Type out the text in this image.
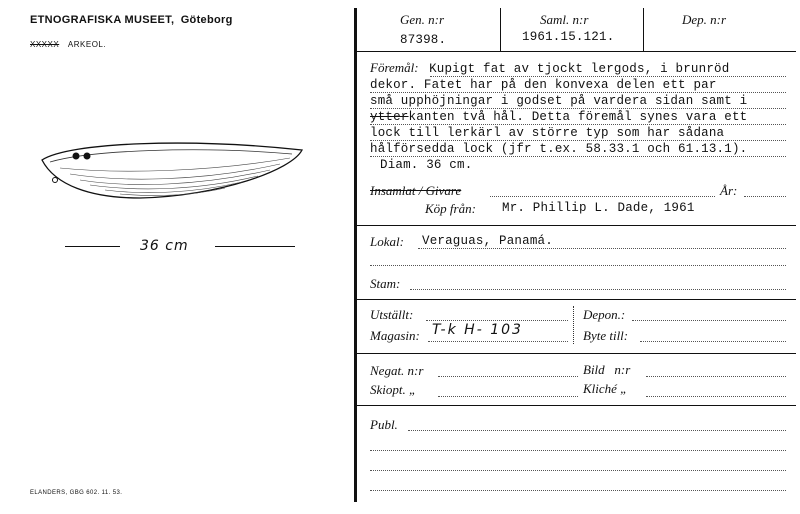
ETNOGRAFISKA MUSEET, Göteborg
XXXXX ARKEOL.
36 cm
ELANDERS, GBG 602. 11. 53.
Gen. n:r	Saml. n:r	Dep. n:r
87398.	1961.15.121.
Föremål: Kupigt fat av tjockt lergods, i brunröd
dekor. Fatet har på den konvexa delen ett par
små upphöjningar i godset på vardera sidan samt i
ytterkanten två hål. Detta föremål synes vara ett
lock till lerkärl av större typ som har sådana
hålförsedda lock (jfr t.ex. 58.33.1 och 61.13.1).
Diam. 36 cm.
Insamlat / Givare	År:
Köp från: Mr. Phillip L. Dade, 1961
Lokal: Veraguas, Panamá.
Stam:
Utställt:	Depon.:
Magasin: T-k H- 103	Byte till:
Negat. n:r	Bild   n:r
Skiopt. „	Kliché „
Publ.
